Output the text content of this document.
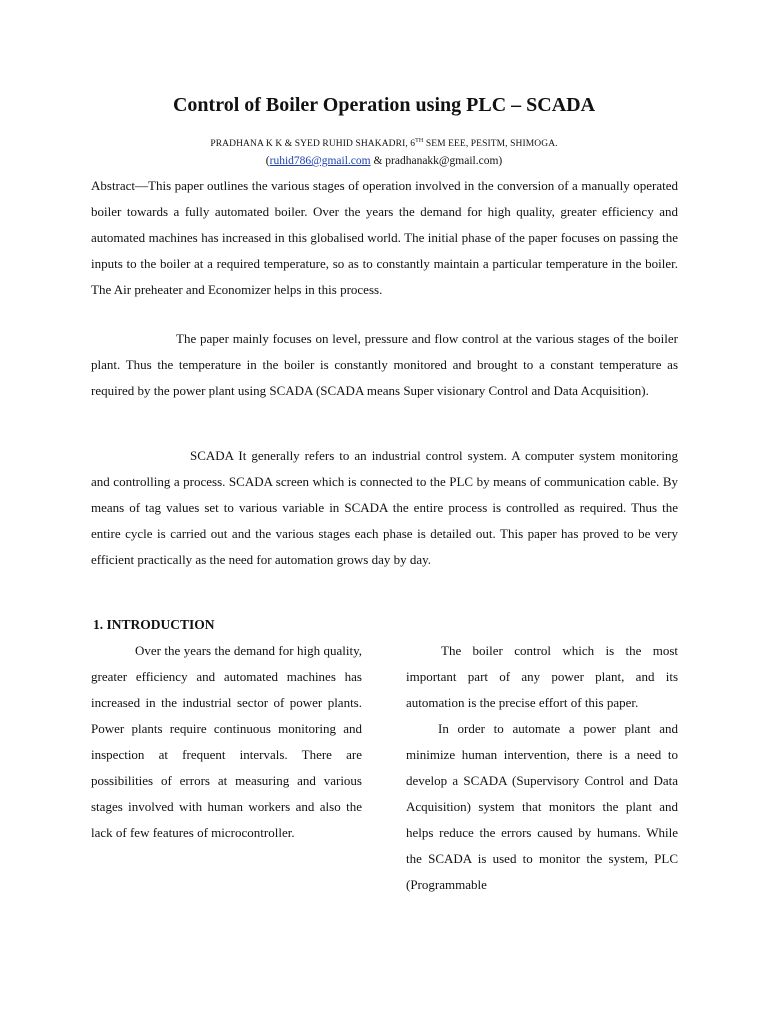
Control of Boiler Operation using PLC – SCADA
PRADHANA K K & SYED RUHID SHAKADRI, 6TH SEM EEE, PESITM, SHIMOGA.
(ruhid786@gmail.com & pradhanakk@gmail.com)

Abstract—This paper outlines the various stages of operation involved in the conversion of a manually operated boiler towards a fully automated boiler. Over the years the demand for high quality, greater efficiency and automated machines has increased in this globalised world. The initial phase of the paper focuses on passing the inputs to the boiler at a required temperature, so as to constantly maintain a particular temperature in the boiler. The Air preheater and Economizer helps in this process.

The paper mainly focuses on level, pressure and flow control at the various stages of the boiler plant. Thus the temperature in the boiler is constantly monitored and brought to a constant temperature as required by the power plant using SCADA (SCADA means Super visionary Control and Data Acquisition).

SCADA It generally refers to an industrial control system. A computer system monitoring and controlling a process. SCADA screen which is connected to the PLC by means of communication cable. By means of tag values set to various variable in SCADA the entire process is controlled as required. Thus the entire cycle is carried out and the various stages each phase is detailed out. This paper has proved to be very efficient practically as the need for automation grows day by day.

1. INTRODUCTION

Over the years the demand for high quality, greater efficiency and automated machines has increased in the industrial sector of power plants. Power plants require continuous monitoring and inspection at frequent intervals. There are possibilities of errors at measuring and various stages involved with human workers and also the lack of few features of microcontroller.

The boiler control which is the most important part of any power plant, and its automation is the precise effort of this paper.

In order to automate a power plant and minimize human intervention, there is a need to develop a SCADA (Supervisory Control and Data Acquisition) system that monitors the plant and helps reduce the errors caused by humans. While the SCADA is used to monitor the system, PLC (Programmable
